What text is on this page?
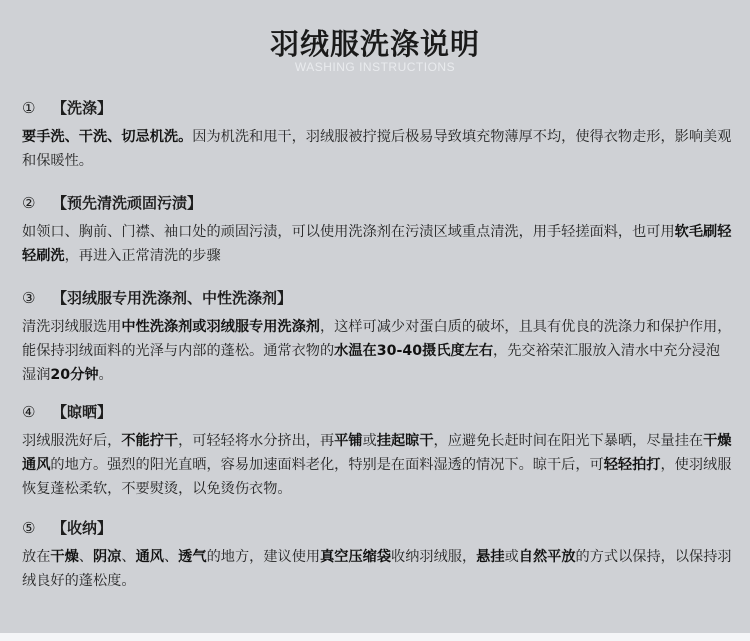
羽绒服洗涤说明
WASHING INSTRUCTIONS
① 【洗涤】
要手洗、干洗、切忌机洗。因为机洗和甩干，羽绒服被拧搅后极易导致填充物薄厚不均，使得衣物走形，影响美观和保暖性。
② 【预先清洗顽固污渍】
如领口、胸前、门襟、袖口处的顽固污渍，可以使用洗涤剂在污渍区域重点清洗，用手轻搓面料，也可用软毛刷轻轻刷洗，再进入正常清洗的步骤
③ 【羽绒服专用洗涤剂、中性洗涤剂】
清洗羽绒服选用中性洗涤剂或羽绒服专用洗涤剂，这样可减少对蛋白质的破坏，且具有优良的洗涤力和保护作用，能保持羽绒面料的光泽与内部的蓬松。通常衣物的水温在30-40摄氏度左右，先交裕荣汇服放入清水中充分浸泡湿润20分钟。
④ 【晾晒】
羽绒服洗好后，不能拧干，可轻轻将水分挤出，再平铺或挂起晾干，应避免长赶时间在阳光下暴晒，尽量挂在干燥通风的地方。强烈的阳光直晒，容易加速面料老化，特别是在面料湿透的情况下。晾干后，可轻轻拍打，使羽绒服恢复蓬松柔软，不要熨烫，以免烫伤衣物。
⑤ 【收纳】
放在干燥、阴凉、通风、透气的地方，建议使用真空压缩袋收纳羽绒服，悬挂或自然平放的方式以保持，以保持羽绒良好的蓬松度。
